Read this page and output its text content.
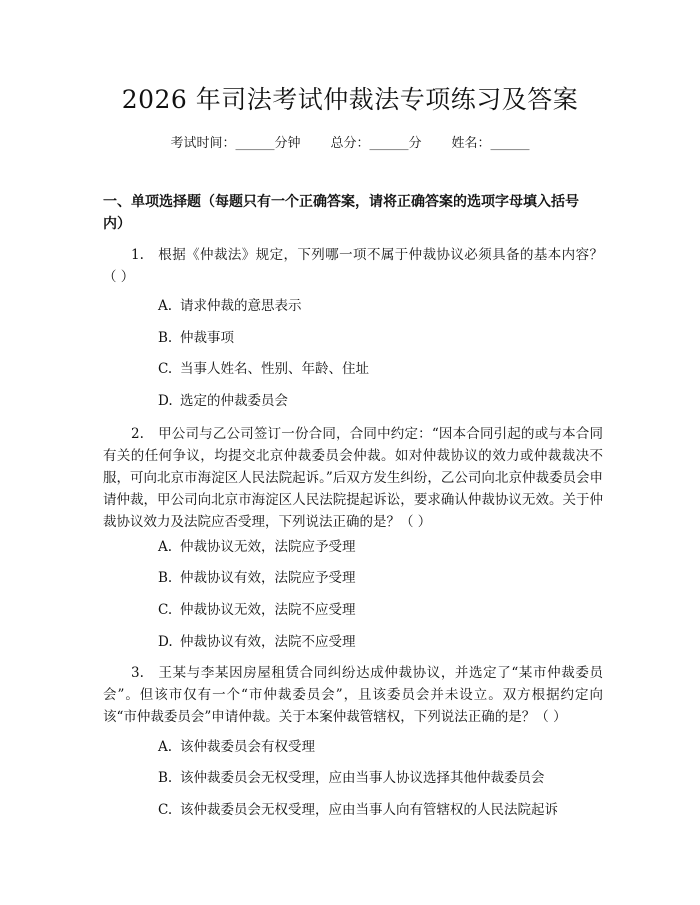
2026 年司法考试仲裁法专项练习及答案
考试时间：______分钟 总分：______分 姓名：______

一、单项选择题（每题只有一个正确答案，请将正确答案的选项字母填入括号内）

1. 根据《仲裁法》规定，下列哪一项不属于仲裁协议必须具备的基本内容？（ ）

A. 请求仲裁的意思表示

B. 仲裁事项

C. 当事人姓名、性别、年龄、住址

D. 选定的仲裁委员会

2. 甲公司与乙公司签订一份合同，合同中约定：“因本合同引起的或与本合同有关的任何争议，均提交北京仲裁委员会仲裁。如对仲裁协议的效力或仲裁裁决不服，可向北京市海淀区人民法院起诉。”后双方发生纠纷，乙公司向北京仲裁委员会申请仲裁，甲公司向北京市海淀区人民法院提起诉讼，要求确认仲裁协议无效。关于仲裁协议效力及法院应否受理，下列说法正确的是？（ ）

A. 仲裁协议无效，法院应予受理

B. 仲裁协议有效，法院应予受理

C. 仲裁协议无效，法院不应受理

D. 仲裁协议有效，法院不应受理

3. 王某与李某因房屋租赁合同纠纷达成仲裁协议，并选定了“某市仲裁委员会”。但该市仅有一个“市仲裁委员会”，且该委员会并未设立。双方根据约定向该“市仲裁委员会”申请仲裁。关于本案仲裁管辖权，下列说法正确的是？（ ）

A. 该仲裁委员会有权受理

B. 该仲裁委员会无权受理，应由当事人协议选择其他仲裁委员会

C. 该仲裁委员会无权受理，应由当事人向有管辖权的人民法院起诉
